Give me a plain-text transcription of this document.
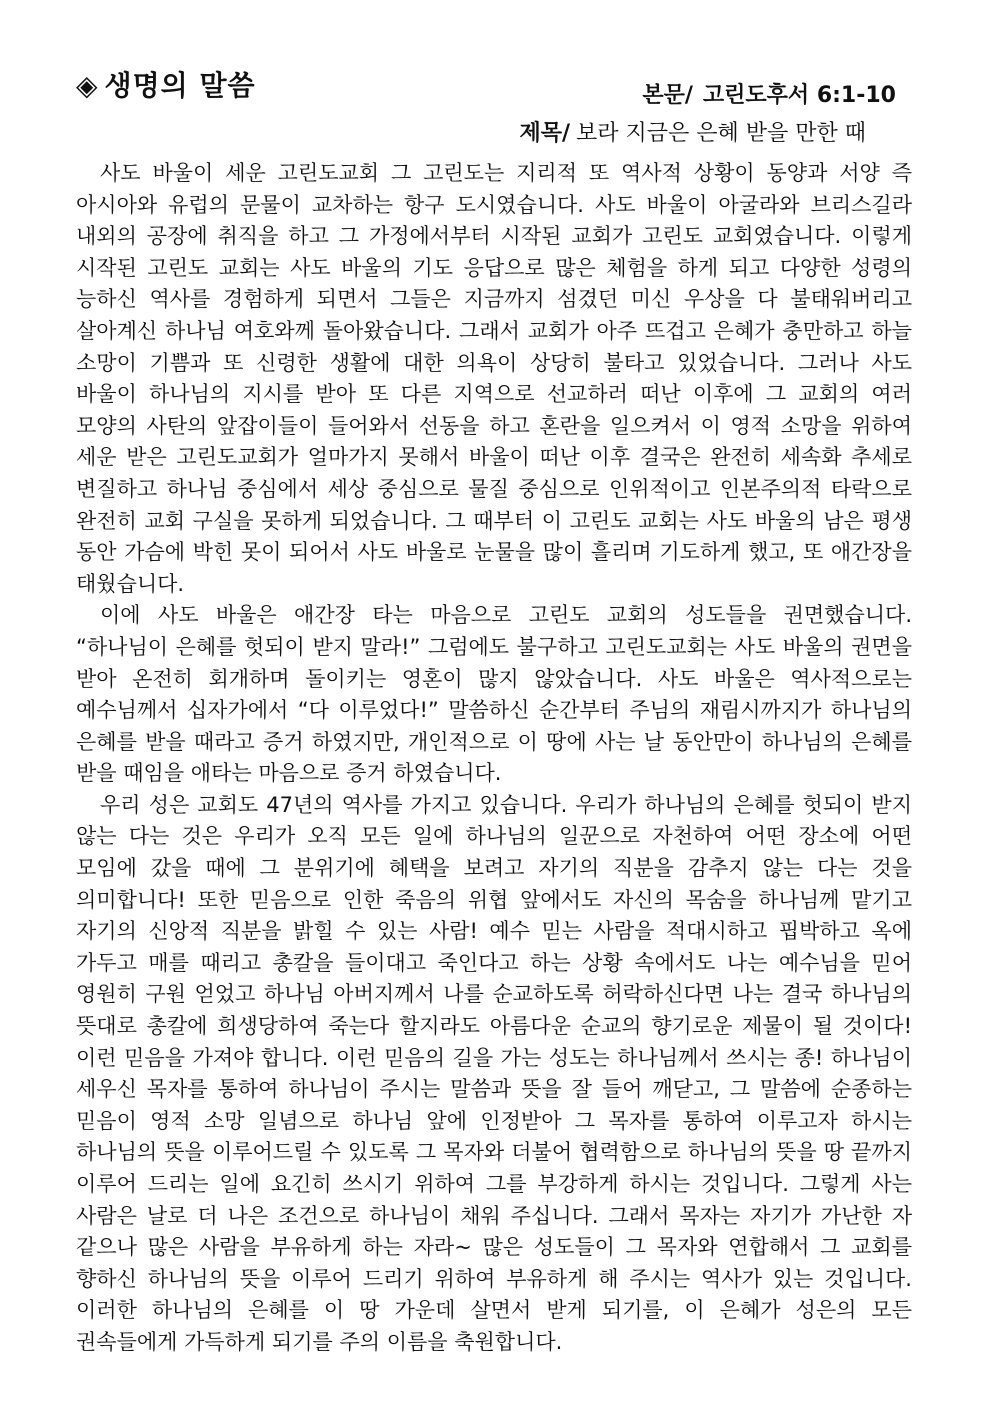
◈ 생명의 말씀	본문/ 고린도후서 6:1-10
제목/ 보라 지금은 은혜 받을 만한 때

사도 바울이 세운 고린도교회 그 고린도는 지리적 또 역사적 상황이 동양과 서양 즉 아시아와 유럽의 문물이 교차하는 항구 도시였습니다. 사도 바울이 아굴라와 브리스길라 내외의 공장에 취직을 하고 그 가정에서부터 시작된 교회가 고린도 교회였습니다. 이렇게 시작된 고린도 교회는 사도 바울의 기도 응답으로 많은 체험을 하게 되고 다양한 성령의 능하신 역사를 경험하게 되면서 그들은 지금까지 섬겼던 미신 우상을 다 불태워버리고 살아계신 하나님 여호와께 돌아왔습니다. 그래서 교회가 아주 뜨겁고 은혜가 충만하고 하늘 소망이 기쁨과 또 신령한 생활에 대한 의욕이 상당히 불타고 있었습니다. 그러나 사도 바울이 하나님의 지시를 받아 또 다른 지역으로 선교하러 떠난 이후에 그 교회의 여러 모양의 사탄의 앞잡이들이 들어와서 선동을 하고 혼란을 일으켜서 이 영적 소망을 위하여 세운 받은 고린도교회가 얼마가지 못해서 바울이 떠난 이후 결국은 완전히 세속화 추세로 변질하고 하나님 중심에서 세상 중심으로 물질 중심으로 인위적이고 인본주의적 타락으로 완전히 교회 구실을 못하게 되었습니다. 그 때부터 이 고린도 교회는 사도 바울의 남은 평생 동안 가슴에 박힌 못이 되어서 사도 바울로 눈물을 많이 흘리며 기도하게 했고, 또 애간장을 태웠습니다.

이에 사도 바울은 애간장 타는 마음으로 고린도 교회의 성도들을 권면했습니다. “하나님이 은혜를 헛되이 받지 말라!” 그럼에도 불구하고 고린도교회는 사도 바울의 권면을 받아 온전히 회개하며 돌이키는 영혼이 많지 않았습니다. 사도 바울은 역사적으로는 예수님께서 십자가에서 “다 이루었다!” 말씀하신 순간부터 주님의 재림시까지가 하나님의 은혜를 받을 때라고 증거 하였지만, 개인적으로 이 땅에 사는 날 동안만이 하나님의 은혜를 받을 때임을 애타는 마음으로 증거 하였습니다.

우리 성은 교회도 47년의 역사를 가지고 있습니다. 우리가 하나님의 은혜를 헛되이 받지 않는 다는 것은 우리가 오직 모든 일에 하나님의 일꾼으로 자천하여 어떤 장소에 어떤 모임에 갔을 때에 그 분위기에 혜택을 보려고 자기의 직분을 감추지 않는 다는 것을 의미합니다! 또한 믿음으로 인한 죽음의 위협 앞에서도 자신의 목숨을 하나님께 맡기고 자기의 신앙적 직분을 밝힐 수 있는 사람! 예수 믿는 사람을 적대시하고 핍박하고 옥에 가두고 매를 때리고 총칼을 들이대고 죽인다고 하는 상황 속에서도 나는 예수님을 믿어 영원히 구원 얻었고 하나님 아버지께서 나를 순교하도록 허락하신다면 나는 결국 하나님의 뜻대로 총칼에 희생당하여 죽는다 할지라도 아름다운 순교의 향기로운 제물이 될 것이다! 이런 믿음을 가져야 합니다. 이런 믿음의 길을 가는 성도는 하나님께서 쓰시는 종! 하나님이 세우신 목자를 통하여 하나님이 주시는 말씀과 뜻을 잘 들어 깨닫고, 그 말씀에 순종하는 믿음이 영적 소망 일념으로 하나님 앞에 인정받아 그 목자를 통하여 이루고자 하시는 하나님의 뜻을 이루어드릴 수 있도록 그 목자와 더불어 협력함으로 하나님의 뜻을 땅 끝까지 이루어 드리는 일에 요긴히 쓰시기 위하여 그를 부강하게 하시는 것입니다. 그렇게 사는 사람은 날로 더 나은 조건으로 하나님이 채워 주십니다. 그래서 목자는 자기가 가난한 자 같으나 많은 사람을 부유하게 하는 자라~ 많은 성도들이 그 목자와 연합해서 그 교회를 향하신 하나님의 뜻을 이루어 드리기 위하여 부유하게 해 주시는 역사가 있는 것입니다. 이러한 하나님의 은혜를 이 땅 가운데 살면서 받게 되기를, 이 은혜가 성은의 모든 권속들에게 가득하게 되기를 주의 이름을 축원합니다.
